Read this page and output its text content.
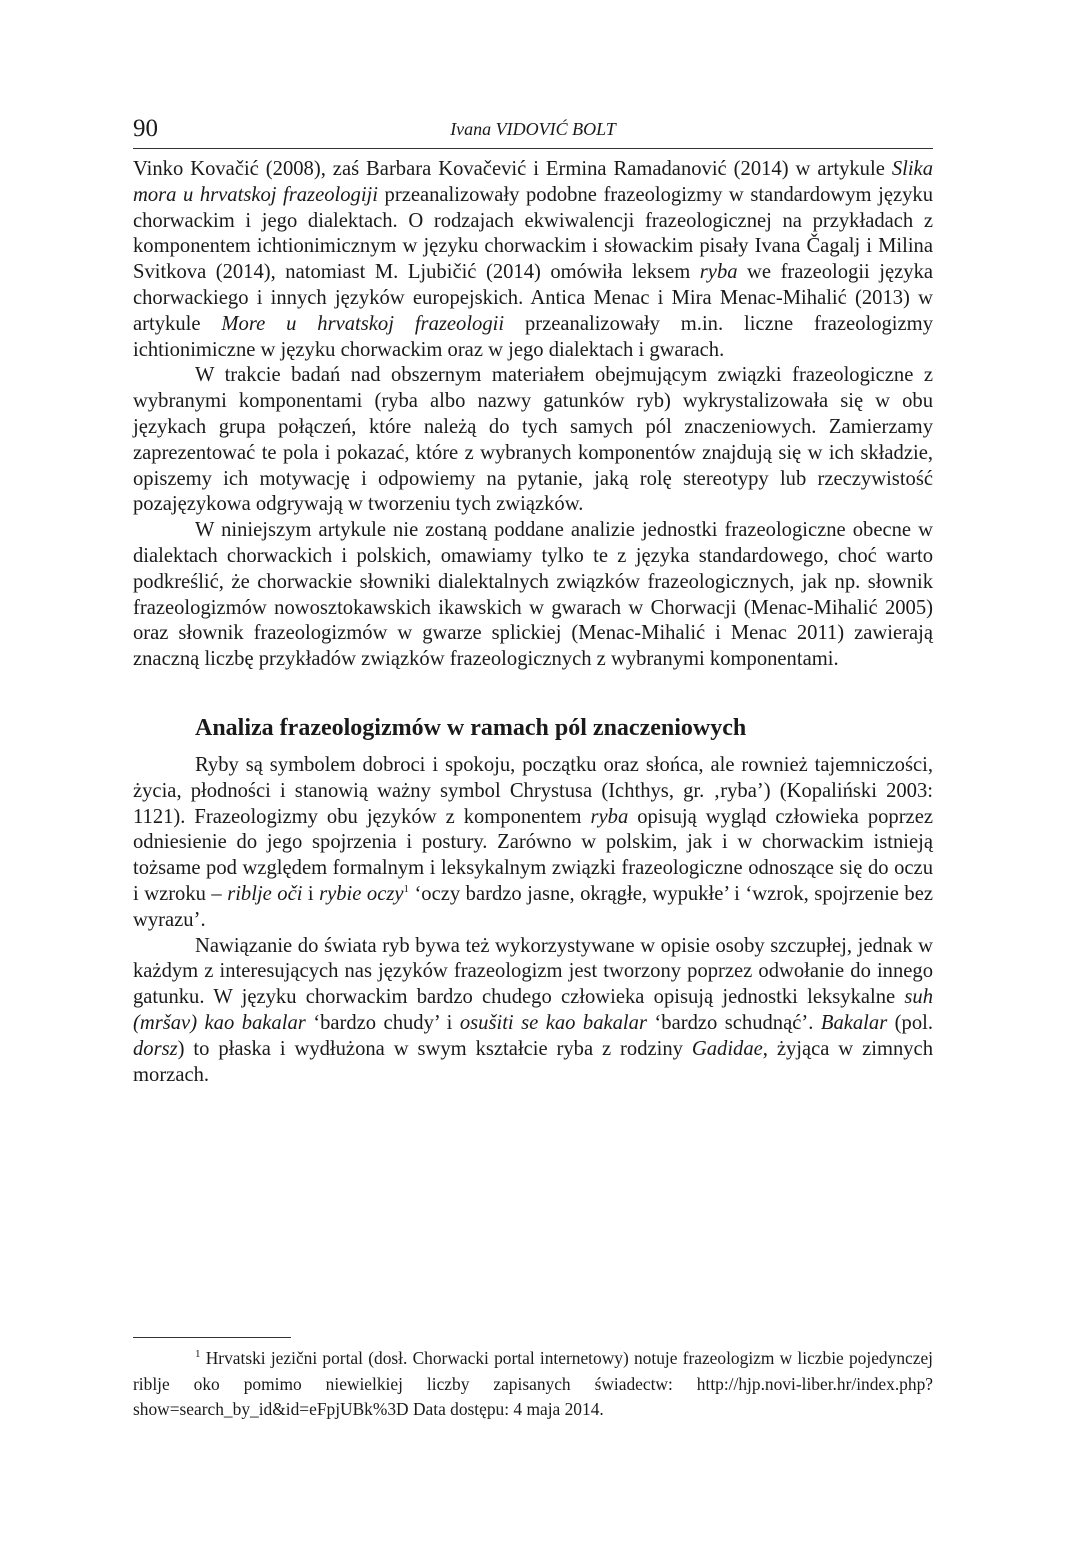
90	Ivana VIDOVIĆ BOLT

Vinko Kovačić (2008), zaś Barbara Kovačević i Ermina Ramadanović (2014) w artykule Slika mora u hrvatskoj frazeologiji przeanalizowały podobne frazeologizmy w standardowym języku chorwackim i jego dialektach. O rodzajach ekwiwalencji frazeologicznej na przykładach z komponentem ichtionimicznym w języku chorwackim i słowackim pisały Ivana Čagalj i Milina Svitkova (2014), natomiast M. Ljubičić (2014) omówiła leksem ryba we frazeologii języka chorwackiego i innych języków europejskich. Antica Menac i Mira Menac-Mihalić (2013) w artykule More u hrvatskoj frazeologii przeanalizowały m.in. liczne frazeologizmy ichtionimiczne w języku chorwackim oraz w jego dialektach i gwarach.

W trakcie badań nad obszernym materiałem obejmującym związki frazeologiczne z wybranymi komponentami (ryba albo nazwy gatunków ryb) wykrystalizowała się w obu językach grupa połączeń, które należą do tych samych pól znaczeniowych. Zamierzamy zaprezentować te pola i pokazać, które z wybranych komponentów znajdują się w ich składzie, opiszemy ich motywację i odpowiemy na pytanie, jaką rolę stereotypy lub rzeczywistość pozajęzykowa odgrywają w tworzeniu tych związków.

W niniejszym artykule nie zostaną poddane analizie jednostki frazeologiczne obecne w dialektach chorwackich i polskich, omawiamy tylko te z języka standardowego, choć warto podkreślić, że chorwackie słowniki dialektalnych związków frazeologicznych, jak np. słownik frazeologizmów nowosztokawskich ikawskich w gwarach w Chorwacji (Menac-Mihalić 2005) oraz słownik frazeologizmów w gwarze splickiej (Menac-Mihalić i Menac 2011) zawierają znaczną liczbę przykładów związków frazeologicznych z wybranymi komponentami.

Analiza frazeologizmów w ramach pól znaczeniowych

Ryby są symbolem dobroci i spokoju, początku oraz słońca, ale rownież tajemniczości, życia, płodności i stanowią ważny symbol Chrystusa (Ichthys, gr. ‚ryba’) (Kopaliński 2003: 1121). Frazeologizmy obu języków z komponentem ryba opisują wygląd człowieka poprzez odniesienie do jego spojrzenia i postury. Zarówno w polskim, jak i w chorwackim istnieją tożsame pod względem formalnym i leksykalnym związki frazeologiczne odnoszące się do oczu i wzroku – riblje oči i rybie oczy$^1$ ‘oczy bardzo jasne, okrągłe, wypukłe’ i ‘wzrok, spojrzenie bez wyrazu’.

Nawiązanie do świata ryb bywa też wykorzystywane w opisie osoby szczupłej, jednak w każdym z interesujących nas języków frazeologizm jest tworzony poprzez odwołanie do innego gatunku. W języku chorwackim bardzo chudego człowieka opisują jednostki leksykalne suh (mršav) kao bakalar ‘bardzo chudy’ i osušiti se kao bakalar ‘bardzo schudnąć’. Bakalar (pol. dorsz) to płaska i wydłużona w swym kształcie ryba z rodziny Gadidae, żyjąca w zimnych morzach.

$^1$ Hrvatski jezični portal (dosł. Chorwacki portal internetowy) notuje frazeologizm w liczbie pojedynczej riblje oko pomimo niewielkiej liczby zapisanych świadectw: http://hjp.novi-liber.hr/index.php?show=search_by_id&id=eFpjUBk%3D Data dostępu: 4 maja 2014.
